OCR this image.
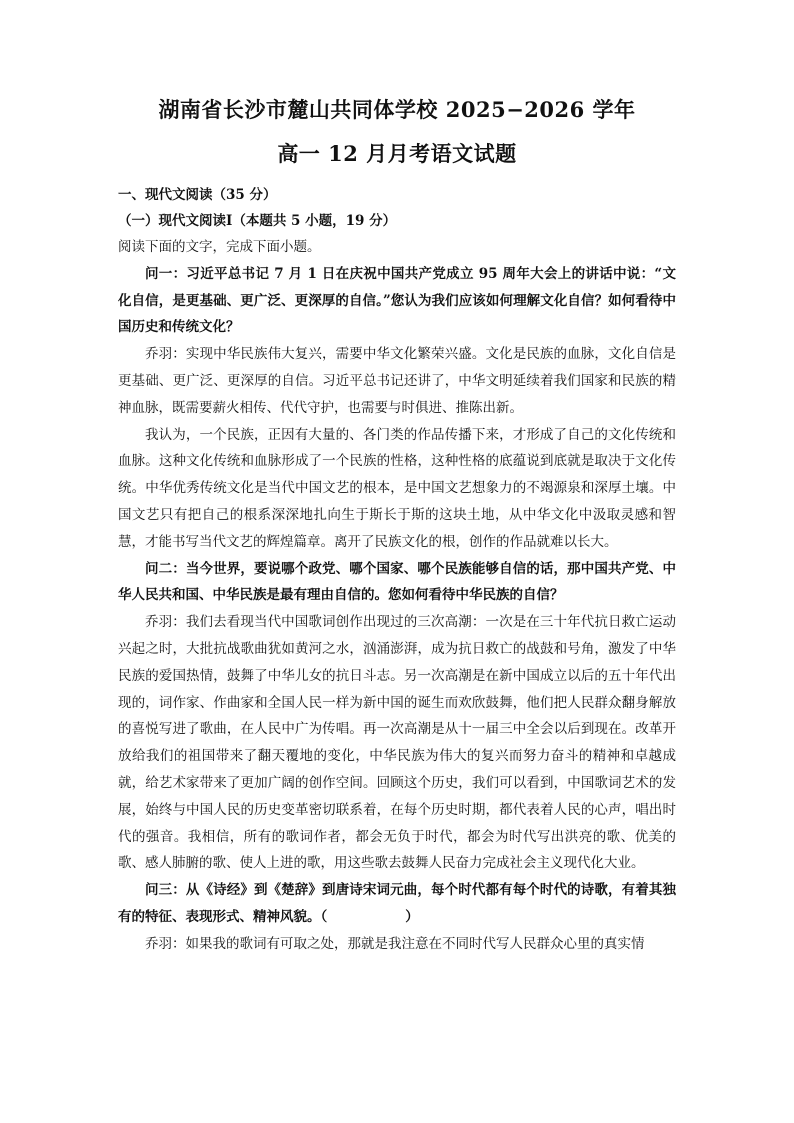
湖南省长沙市麓山共同体学校 2025−2026 学年
高一 12 月月考语文试题

一、现代文阅读（35 分）

（一）现代文阅读Ⅰ（本题共 5 小题，19 分）

阅读下面的文字，完成下面小题。

问一：习近平总书记 7 月 1 日在庆祝中国共产党成立 95 周年大会上的讲话中说：“文化自信，是更基础、更广泛、更深厚的自信。”您认为我们应该如何理解文化自信？如何看待中国历史和传统文化？

乔羽：实现中华民族伟大复兴，需要中华文化繁荣兴盛。文化是民族的血脉，文化自信是更基础、更广泛、更深厚的自信。习近平总书记还讲了，中华文明延续着我们国家和民族的精神血脉，既需要薪火相传、代代守护，也需要与时俱进、推陈出新。

我认为，一个民族，正因有大量的、各门类的作品传播下来，才形成了自己的文化传统和血脉。这种文化传统和血脉形成了一个民族的性格，这种性格的底蕴说到底就是取决于文化传统。中华优秀传统文化是当代中国文艺的根本，是中国文艺想象力的不竭源泉和深厚土壤。中国文艺只有把自己的根系深深地扎向生于斯长于斯的这块土地，从中华文化中汲取灵感和智慧，才能书写当代文艺的辉煌篇章。离开了民族文化的根，创作的作品就难以长大。

问二：当今世界，要说哪个政党、哪个国家、哪个民族能够自信的话，那中国共产党、中华人民共和国、中华民族是最有理由自信的。您如何看待中华民族的自信？

乔羽：我们去看现当代中国歌词创作出现过的三次高潮：一次是在三十年代抗日救亡运动兴起之时，大批抗战歌曲犹如黄河之水，汹涌澎湃，成为抗日救亡的战鼓和号角，激发了中华民族的爱国热情，鼓舞了中华儿女的抗日斗志。另一次高潮是在新中国成立以后的五十年代出现的，词作家、作曲家和全国人民一样为新中国的诞生而欢欣鼓舞，他们把人民群众翻身解放的喜悦写进了歌曲，在人民中广为传唱。再一次高潮是从十一届三中全会以后到现在。改革开放给我们的祖国带来了翻天覆地的变化，中华民族为伟大的复兴而努力奋斗的精神和卓越成就，给艺术家带来了更加广阔的创作空间。回顾这个历史，我们可以看到，中国歌词艺术的发展，始终与中国人民的历史变革密切联系着，在每个历史时期，都代表着人民的心声，唱出时代的强音。我相信，所有的歌词作者，都会无负于时代，都会为时代写出洪亮的歌、优美的歌、感人肺腑的歌、使人上进的歌，用这些歌去鼓舞人民奋力完成社会主义现代化大业。

问三：从《诗经》到《楚辞》到唐诗宋词元曲，每个时代都有每个时代的诗歌，有着其独有的特征、表现形式、精神风貌。（	）

乔羽：如果我的歌词有可取之处，那就是我注意在不同时代写人民群众心里的真实情
